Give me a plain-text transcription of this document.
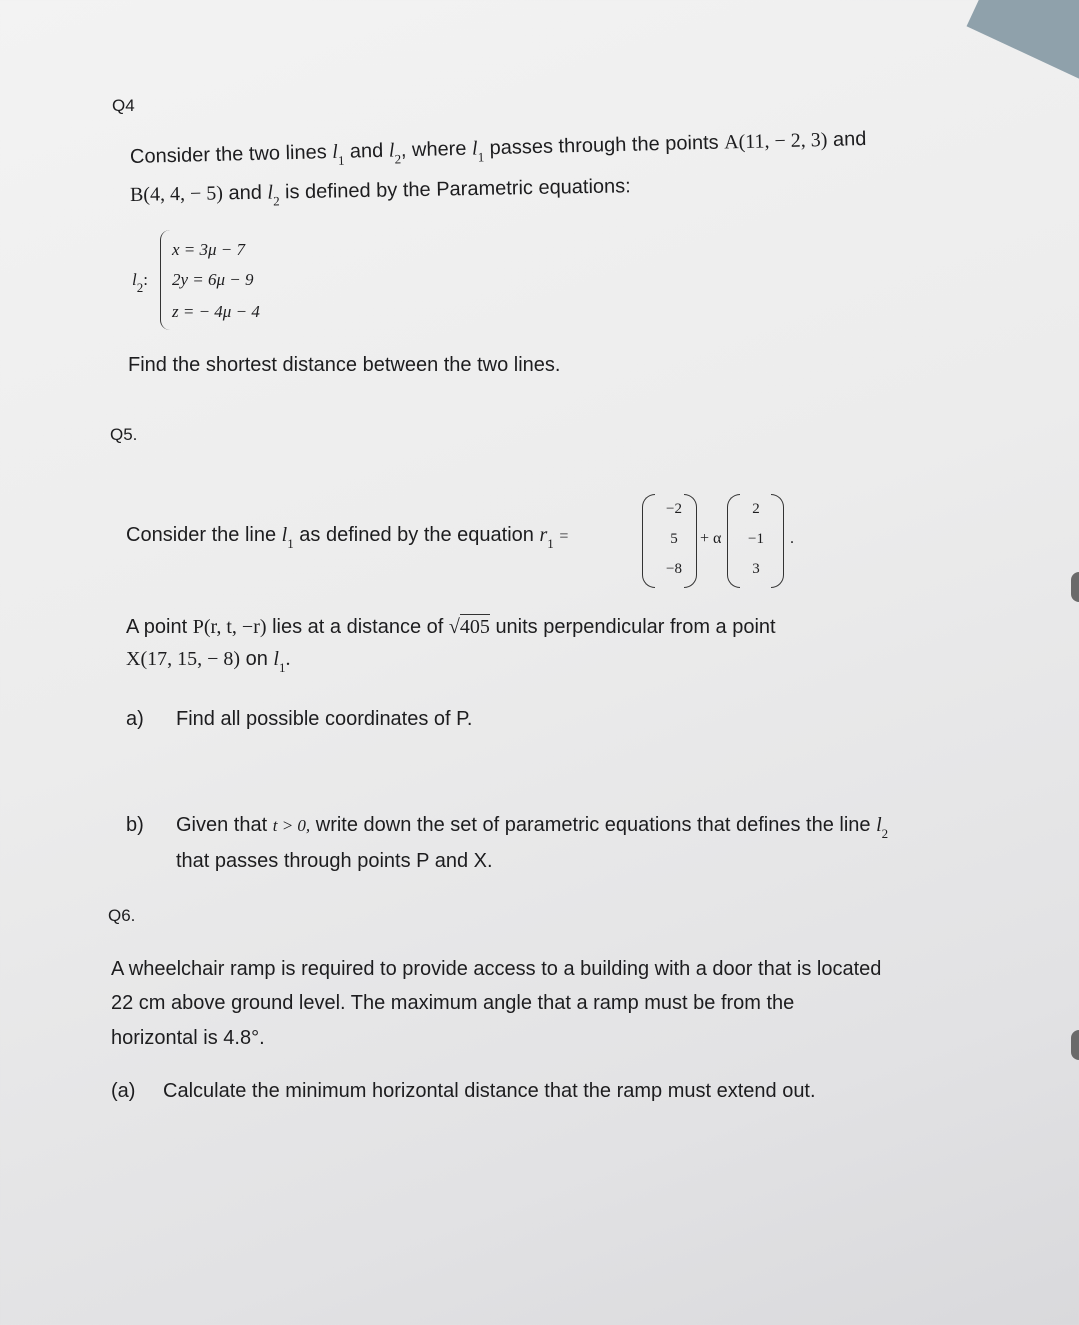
Q4
Consider the two lines $l_1$ and $l_2$, where $l_1$ passes through the points A(11, − 2, 3) and
B(4, 4, − 5) and $l_2$ is defined by the Parametric equations:
$l_2$:
x = 3μ − 7
2y = 6μ − 9
z = − 4μ − 4
Find the shortest distance between the two lines.
Q5.
Consider the line $l_1$ as defined by the equation $r_1$ =
−2
5
−8
+ α
2
−1
3
.
A point P(r, t, −r) lies at a distance of √405 units perpendicular from a point
X(17, 15, − 8) on $l_1$.
a) Find all possible coordinates of P.
b) Given that t > 0, write down the set of parametric equations that defines the line $l_2$
that passes through points P and X.
Q6.
A wheelchair ramp is required to provide access to a building with a door that is located
22 cm above ground level. The maximum angle that a ramp must be from the
horizontal is 4.8°.
(a) Calculate the minimum horizontal distance that the ramp must extend out.
